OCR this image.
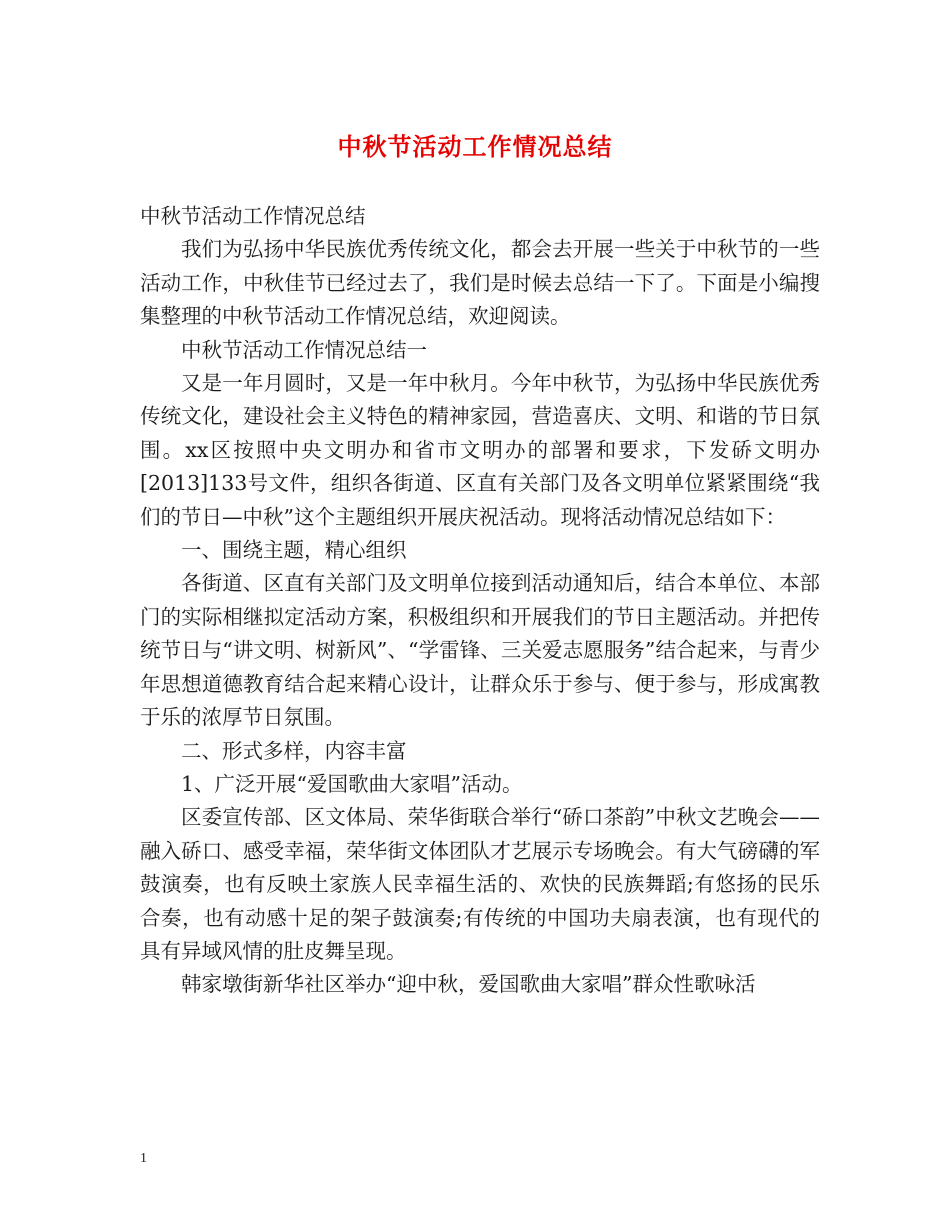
中秋节活动工作情况总结

中秋节活动工作情况总结

我们为弘扬中华民族优秀传统文化，都会去开展一些关于中秋节的一些活动工作，中秋佳节已经过去了，我们是时候去总结一下了。下面是小编搜集整理的中秋节活动工作情况总结，欢迎阅读。

中秋节活动工作情况总结一

又是一年月圆时，又是一年中秋月。今年中秋节，为弘扬中华民族优秀传统文化，建设社会主义特色的精神家园，营造喜庆、文明、和谐的节日氛围。xx区按照中央文明办和省市文明办的部署和要求，下发硚文明办[2013]133号文件，组织各街道、区直有关部门及各文明单位紧紧围绕“我们的节日—中秋”这个主题组织开展庆祝活动。现将活动情况总结如下：

一、围绕主题，精心组织

各街道、区直有关部门及文明单位接到活动通知后，结合本单位、本部门的实际相继拟定活动方案，积极组织和开展我们的节日主题活动。并把传统节日与“讲文明、树新风”、“学雷锋、三关爱志愿服务”结合起来，与青少年思想道德教育结合起来精心设计，让群众乐于参与、便于参与，形成寓教于乐的浓厚节日氛围。

二、形式多样，内容丰富

1、广泛开展“爱国歌曲大家唱”活动。

区委宣传部、区文体局、荣华街联合举行“硚口茶韵”中秋文艺晚会——融入硚口、感受幸福，荣华街文体团队才艺展示专场晚会。有大气磅礴的军鼓演奏，也有反映土家族人民幸福生活的、欢快的民族舞蹈;有悠扬的民乐合奏，也有动感十足的架子鼓演奏;有传统的中国功夫扇表演，也有现代的具有异域风情的肚皮舞呈现。

韩家墩街新华社区举办“迎中秋，爱国歌曲大家唱”群众性歌咏活

1
